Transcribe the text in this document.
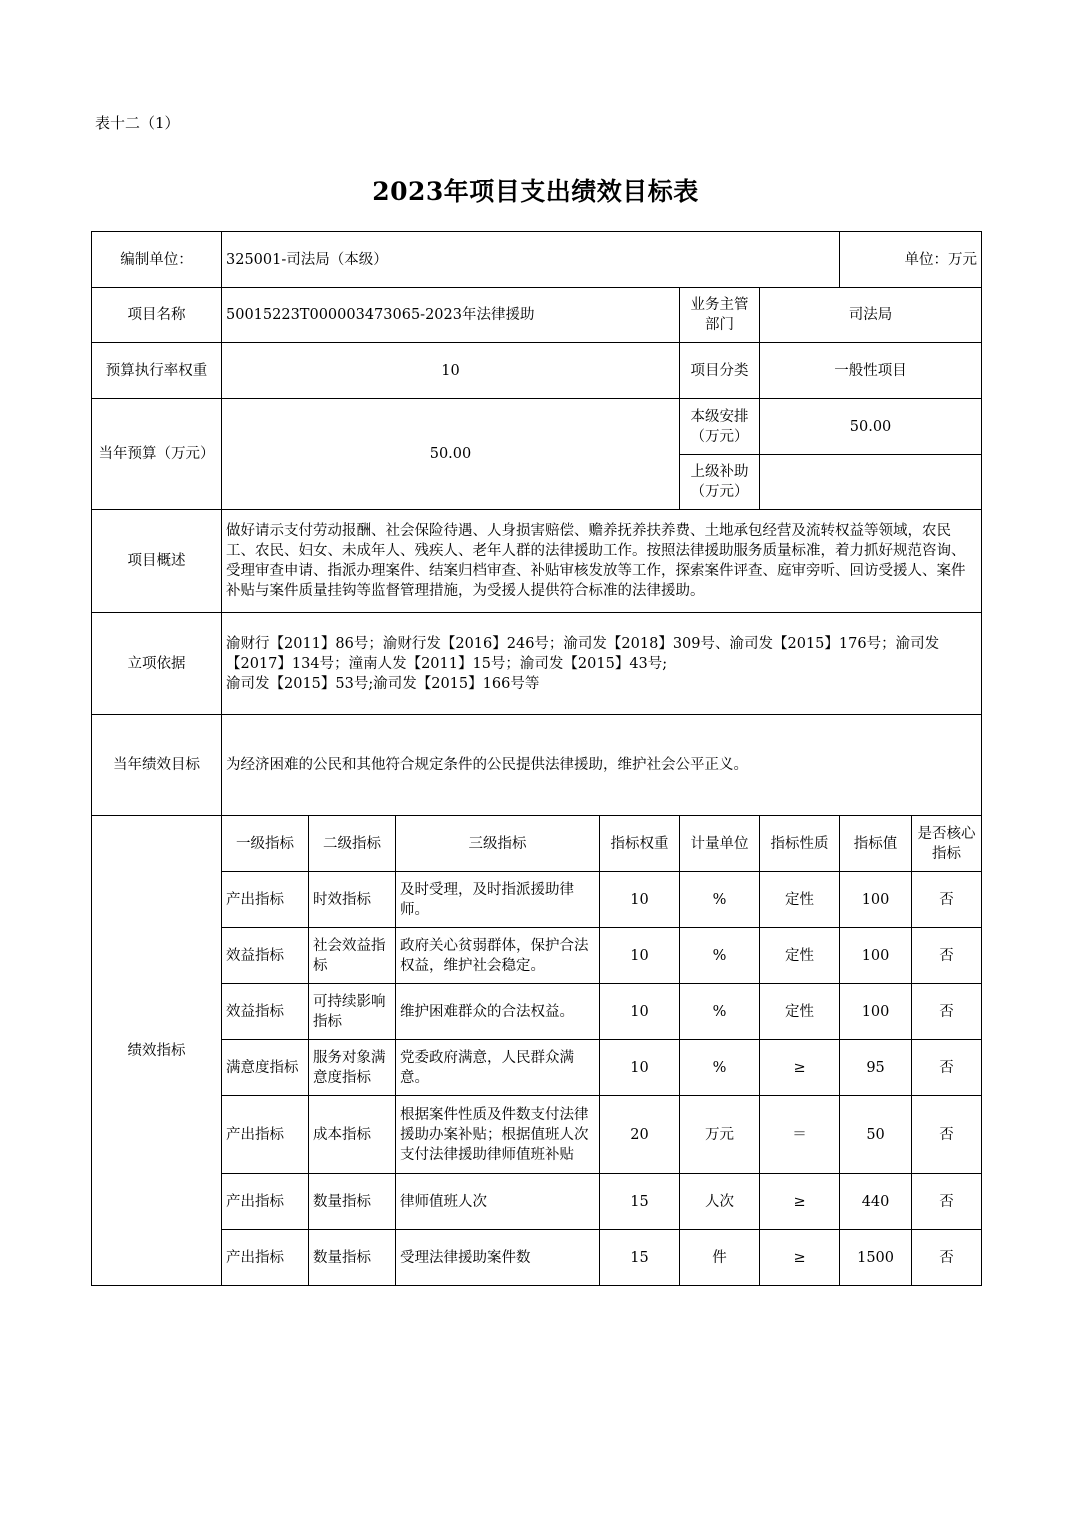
表十二（1）
2023年项目支出绩效目标表
编制单位：	325001-司法局（本级）						单位：万元	
项目名称	50015223T000003473065-2023年法律援助				业务主管部门	司法局		
预算执行率权重	10				项目分类	一般性项目		
当年预算（万元）	50.00				本级安排（万元）	50.00		
					上级补助（万元）			
项目概述	做好请示支付劳动报酬、社会保险待遇、人身损害赔偿、赡养抚养扶养费、土地承包经营及流转权益等领域，农民工、农民、妇女、未成年人、残疾人、老年人群的法律援助工作。按照法律援助服务质量标准，着力抓好规范咨询、受理审查申请、指派办理案件、结案归档审查、补贴审核发放等工作，探索案件评查、庭审旁听、回访受援人、案件补贴与案件质量挂钩等监督管理措施，为受援人提供符合标准的法律援助。							
立项依据	渝财行【2011】86号；渝财行发【2016】246号；渝司发【2018】309号、渝司发【2015】176号；渝司发【2017】134号；潼南人发【2011】15号；渝司发【2015】43号;
渝司发【2015】53号;渝司发【2015】166号等							

当年绩效目标	为经济困难的公民和其他符合规定条件的公民提供法律援助，维护社会公平正义。							
绩效指标	一级指标	二级指标	三级指标	指标权重	计量单位	指标性质	指标值	是否核心指标
	产出指标	时效指标	及时受理，及时指派援助律师。	10	%	定性	100	否
	效益指标	社会效益指标	政府关心贫弱群体，保护合法权益，维护社会稳定。	10	%	定性	100	否
	效益指标	可持续影响指标	维护困难群众的合法权益。	10	%	定性	100	否
	满意度指标	服务对象满意度指标	党委政府满意，人民群众满意。	10	%	≥	95	否
	产出指标	成本指标	根据案件性质及件数支付法律援助办案补贴；根据值班人次支付法律援助律师值班补贴	20	万元	＝	50	否
	产出指标	数量指标	律师值班人次	15	人次	≥	440	否
	产出指标	数量指标	受理法律援助案件数	15	件	≥	1500	否
